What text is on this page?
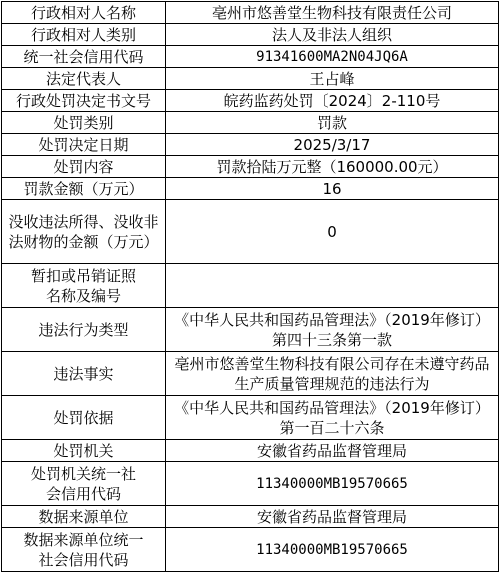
行政相对人名称	亳州市悠善堂生物科技有限责任公司
行政相对人类别	法人及非法人组织
统一社会信用代码	91341600MA2N04JQ6A
法定代表人	王占峰
行政处罚决定书文号	皖药监药处罚〔2024〕2-110号
处罚类别	罚款
处罚决定日期	2025/3/17
处罚内容	罚款拾陆万元整（160000.00元）
罚款金额（万元）	16
没收违法所得、没收非法财物的金额（万元）	0
暂扣或吊销证照名称及编号	
违法行为类型	《中华人民共和国药品管理法》（2019年修订）第四十三条第一款
违法事实	亳州市悠善堂生物科技有限公司存在未遵守药品生产质量管理规范的违法行为
处罚依据	《中华人民共和国药品管理法》（2019年修订）第一百二十六条
处罚机关	安徽省药品监督管理局
处罚机关统一社会信用代码	11340000MB19570665
数据来源单位	安徽省药品监督管理局
数据来源单位统一社会信用代码	11340000MB19570665
